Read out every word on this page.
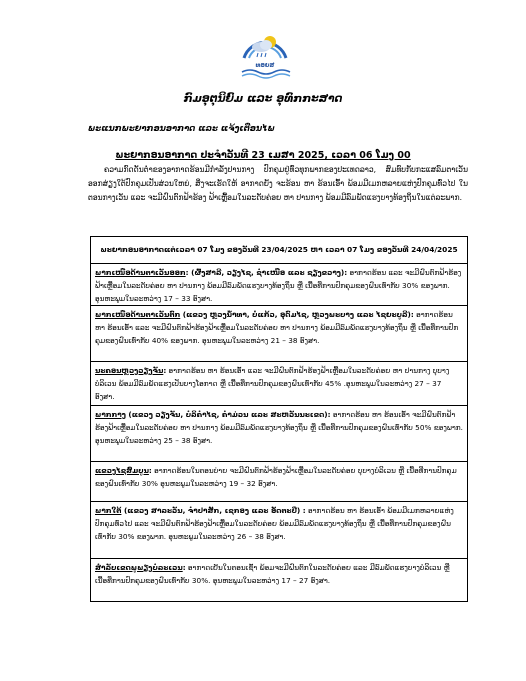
ທອຍສ
ກົມອຸຕຸນິຍົມ ແລະ ອຸທົກກະສາດ
ພະແນກພະຍາກອນອາກາດ ແລະ ແຈ້ງເຕືອນໄພ
ພະຍາກອນອາກາດ ປະຈຳວັນທີ 23 ເມສາ 2025, ເວລາ 06 ໂມງ 00
ຄວາມກົດດັນຕ່ຳຂອງອາກາດຮ້ອນມີກຳລັງປານກາງ ປົກຄຸມຢູ່ທົ່ວທຸກພາກຂອງປະເທດລາວ, ສົມທົບກັບກະແສລົມຕາເວັນອອກສ່ຽງໃຕ້ປົກຄຸມເປັນສ່ວນໃຫຍ່, ສິ່ງຈະເຮັດໃຫ້ ອາກາດຍັງ ຈະຮ້ອນ ຫາ ຮ້ອນເອົ້າ ພ້ອມມີເມກຫລາຍແຫ່ງປົກຄຸມທົ່ວໄປ ໃນຕອນກາງເວັນ ແລະ ຈະມີຝົນຕົກຟ້າຮ້ອງ ຟ້າເຫຼື້ອມໃນລະດັບຄ່ອຍ ຫາ ປານກາງ ພ້ອມມີລົມພັດແຮງບາງທ້ອງຖິ່ນໃນແຕ່ລະພາກ.
ພະຍາກອນອາກາດແຕ່ເວລາ 07 ໂມງ ຂອງວັນທີ 23/04/2025 ຫາ ເວລາ 07 ໂມງ ຂອງວັນທີ 24/04/2025
ພາກເໜືອດ້ານຕາເວັນອອກ: (ຜົ້ງສາລີ, ວຽງໄຊ, ຊຳເໜືອ ແລະ ຊຽງຂວາງ): ອາກາດຮ້ອນ ແລະ ຈະມີຝົນຕົກຟ້າຮ້ອງຟ້າເຫຼື້ອມໃນລະດັບຄ່ອຍ ຫາ ປານກາງ ພ້ອມມີລົມພັດແຮງບາງທ້ອງຖິ່ນ ຫຼື ເນື້ອທີ່ການປົກຄຸມຂອງຝົນເທົ່າກັບ 30% ຂອງພາກ. ອຸນຫະພູມໃນລະຫວ່າງ 17 – 33 ອົງສາ.
ພາກເໜືອດ້ານຕາເວັນຕົກ (ແຂວງ ຫຼວງນ້ຳທາ, ບໍ່ແກ້ວ, ອຸດົມໄຊ, ຫຼວງພະບາງ ແລະ ໄຊຍະບູລີ): ອາກາດຮ້ອນ ຫາ ຮ້ອນເອົ້າ ແລະ ຈະມີຝົນຕົກຟ້າຮ້ອງຟ້າເຫຼື້ອມໃນລະດັບຄ່ອຍ ຫາ ປານກາງ ພ້ອມມີລົມພັດແຮງບາງທ້ອງຖິ່ນ ຫຼື ເນື້ອທີ່ການປົກຄຸມຂອງຝົນເທົ່າກັບ 40% ຂອງພາກ. ອຸນຫະພູມໃນລະຫວ່າງ 21 – 38 ອົງສາ.
ນະຄອນຫຼວງວຽງຈັນ: ອາກາດຮ້ອນ ຫາ ຮ້ອນເອົ້າ ແລະ ຈະມີຝົນຕົກຟ້າຮ້ອງຟ້າເຫຼື້ອມໃນລະດັບຄ່ອຍ ຫາ ປານກາງ ບຸບາງບໍລິເວນ ພ້ອມມີລົມພັດແຮງເປັນບາງໂອກາດ ຫຼື ເນື້ອທີ່ການປົກຄຸມຂອງຝົນເທົ່າກັບ 45% .ອຸນຫະພູມໃນລະຫວ່າງ 27 – 37 ອົງສາ.
ພາກກາງ (ແຂວງ ວຽງຈັນ, ບໍລິຄຳໄຊ, ຄຳມ່ວນ ແລະ ສະຫວັນນະເຂດ): ອາກາດຮ້ອນ ຫາ ຮ້ອນເອົ້າ ຈະມີຝົນຕົກຟ້າຮ້ອງຟ້າເຫຼື້ອມໃນລະດັບຄ່ອຍ ຫາ ປານກາງ ພ້ອມມີລົມພັດແຮງບາງທ້ອງຖິ່ນ ຫຼື ເນື້ອທີ່ການປົກຄຸມຂອງຝົນເທົ່າກັບ 50% ຂອງພາກ. ອຸນຫະພູມໃນລະຫວ່າງ 25 – 38 ອົງສາ.
ແຂວງໄຊສົມບູນ: ອາກາດຮ້ອນໃນຕອນບ່າຍ ຈະມີຝົນຕົກຟ້າຮ້ອງຟ້າເຫຼື້ອມໃນລະດັບຄ່ອຍ ບຸບາງບໍລິເວນ ຫຼື ເນື້ອທີ່ການປົກຄຸມຂອງຝົນເທົ່າກັບ 30% ອຸນຫະພູມໃນລະຫວ່າງ 19 – 32 ອົງສາ.
ພາກໃຕ້ (ແຂວງ ສາລະວັນ, ຈຳປາສັກ, ເຊກອງ ແລະ ອັດຕະປື) : ອາກາດຮ້ອນ ຫາ ຮ້ອນເອົ້າ ພ້ອມມີເມກຫລາຍແຫ່ງປົກຄຸມທົ່ວໄປ ແລະ ຈະມີຝົນຕົກຟ້າຮ້ອງຟ້າເຫຼື້ອມໃນລະດັບຄ່ອຍ ພ້ອມມີລົມພັດແຮງບາງທ້ອງຖິ່ນ ຫຼື ເນື້ອທີ່ການປົກຄຸມຂອງຝົນເທົ່າກັບ 30% ຂອງພາກ. ອຸນຫະພູມໃນລະຫວ່າງ 26 – 38 ອົງສາ.
ສຳລັບເຂດພູພຽງບໍລະເວນ: ອາກາດເຢັນໃນຕອນເຊົ້າ ພ້ອມຈະມີຝົນຕົກໃນລະດັບຄ່ອຍ ແລະ ມີລົມພັດແຮງບາງບໍລິເວນ ຫຼື ເນື້ອທີ່ການປົກຄຸມຂອງຝົນເທົ່າກັບ 30%. ອຸນຫະພູມໃນລະຫວ່າງ 17 – 27 ອົງສາ.
